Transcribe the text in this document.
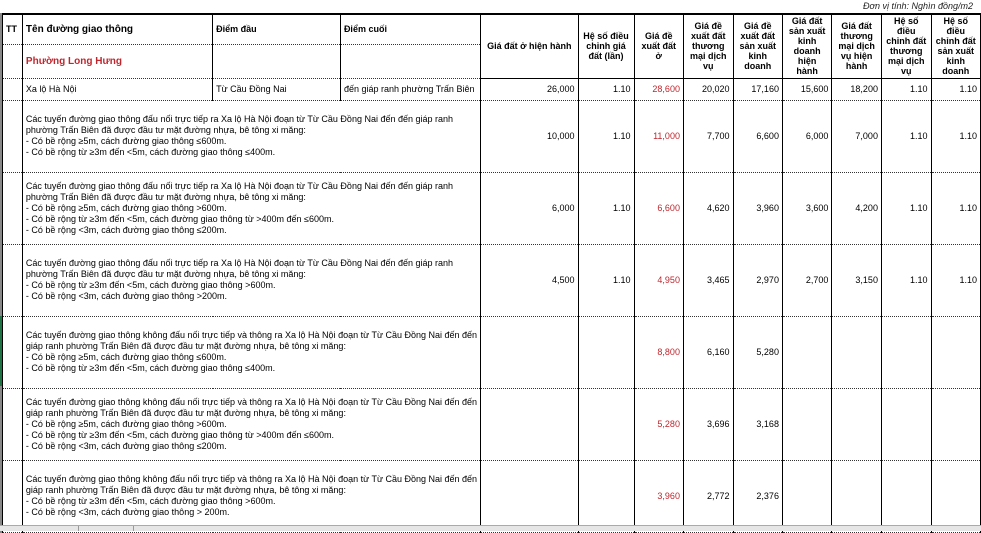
Đơn vị tính: Nghìn đồng/m2
TT	Tên đường giao thông	Điểm đầu	Điểm cuối	Giá đất ở hiện hành	Hệ số điều chỉnh giá đất (lần)	Giá đề xuất đất ở	Giá đề xuất đất thương mại dịch vụ	Giá đề xuất đất sản xuất kinh doanh	Giá đất sản xuất kinh doanh hiện hành	Giá đất thương mại dịch vụ hiện hành	Hệ số điều chỉnh đất thương mại dịch vụ	Hệ số điều chỉnh đất sản xuất kinh doanh
	Phường Long Hưng											
	Xa lộ Hà Nội	Từ Cầu Đồng Nai	đến giáp ranh phường Trấn Biên	26,000	1.10	28,600	20,020	17,160	15,600	18,200	1.10	1.10

	Các tuyến đường giao thông đấu nối trực tiếp ra Xa lộ Hà Nội đoạn từ Từ Cầu Đồng Nai đến đến giáp ranh
phường Trấn Biên đã được đầu tư mặt đường nhựa, bê tông xi măng:
- Có bề rộng ≥5m, cách đường giao thông ≤600m.
- Có bề rộng từ ≥3m đến <5m, cách đường giao thông ≤400m.			10,000	1.10	11,000	7,700	6,600	6,000	7,000	1.10	1.10

	Các tuyến đường giao thông đấu nối trực tiếp ra Xa lộ Hà Nội đoạn từ Từ Cầu Đồng Nai đến đến giáp ranh
phường Trấn Biên đã được đầu tư mặt đường nhựa, bê tông xi măng:
- Có bề rộng ≥5m, cách đường giao thông >600m.
- Có bề rộng từ ≥3m đến <5m, cách đường giao thông từ >400m đến ≤600m.
- Có bề rộng <3m, cách đường giao thông ≤200m.			6,000	1.10	6,600	4,620	3,960	3,600	4,200	1.10	1.10

	Các tuyến đường giao thông đấu nối trực tiếp ra Xa lộ Hà Nội đoạn từ Từ Cầu Đồng Nai đến đến giáp ranh
phường Trấn Biên đã được đầu tư mặt đường nhựa, bê tông xi măng:
- Có bề rộng từ ≥3m đến <5m, cách đường giao thông >600m.
- Có bề rộng <3m, cách đường giao thông >200m.			4,500	1.10	4,950	3,465	2,970	2,700	3,150	1.10	1.10

	Các tuyến đường giao thông không đấu nối trực tiếp và thông ra Xa lộ Hà Nội đoạn từ Từ Cầu Đồng Nai đến đến
giáp ranh phường Trấn Biên đã được đầu tư mặt đường nhựa, bê tông xi măng:
- Có bề rộng ≥5m, cách đường giao thông ≤600m.
- Có bề rộng từ ≥3m đến <5m, cách đường giao thông ≤400m.					8,800	6,160	5,280				

	Các tuyến đường giao thông không đấu nối trực tiếp và thông ra Xa lộ Hà Nội đoạn từ Từ Cầu Đồng Nai đến đến
giáp ranh phường Trấn Biên đã được đầu tư mặt đường nhựa, bê tông xi măng:
- Có bề rộng ≥5m, cách đường giao thông >600m.
- Có bề rộng từ ≥3m đến <5m, cách đường giao thông từ >400m đến ≤600m.
- Có bề rộng <3m, cách đường giao thông ≤200m.					5,280	3,696	3,168				

	Các tuyến đường giao thông không đấu nối trực tiếp và thông ra Xa lộ Hà Nội đoạn từ Từ Cầu Đồng Nai đến đến
giáp ranh phường Trấn Biên đã được đầu tư mặt đường nhựa, bê tông xi măng:
- Có bề rộng từ ≥3m đến <5m, cách đường giao thông >600m.
- Có bề rộng <3m, cách đường giao thông > 200m.					3,960	2,772	2,376				
